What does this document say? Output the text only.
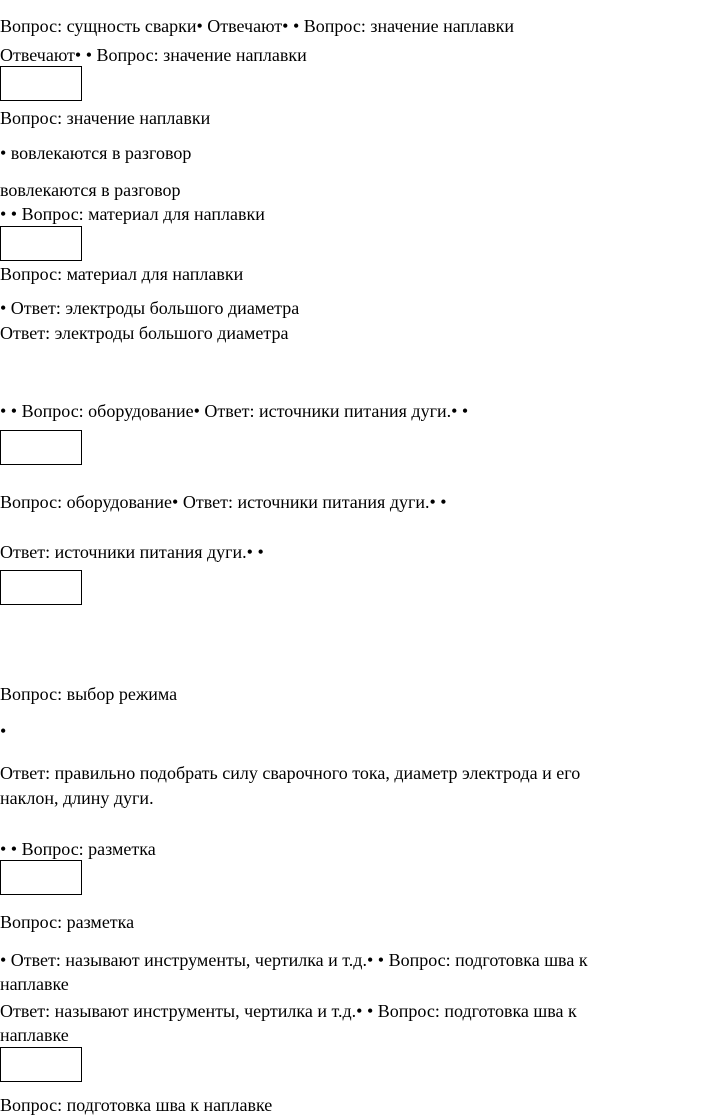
Вопрос: сущность сварки• Отвечают• • Вопрос: значение наплавки
Отвечают• • Вопрос: значение наплавки
Вопрос: значение наплавки
• вовлекаются в разговор
вовлекаются в разговор
• • Вопрос: материал для наплавки
Вопрос: материал для наплавки
• Ответ: электроды большого диаметра
Ответ: электроды большого диаметра
• • Вопрос: оборудование• Ответ: источники питания дуги.• •
Вопрос: оборудование• Ответ: источники питания дуги.• •
Ответ: источники питания дуги.• •
Вопрос: выбор режима
•
Ответ: правильно подобрать силу сварочного тока, диаметр электрода и его
наклон, длину дуги.
• • Вопрос: разметка
Вопрос: разметка
• Ответ: называют инструменты, чертилка и т.д.• • Вопрос: подготовка шва к
наплавке
Ответ: называют инструменты, чертилка и т.д.• • Вопрос: подготовка шва к
наплавке
Вопрос: подготовка шва к наплавке
